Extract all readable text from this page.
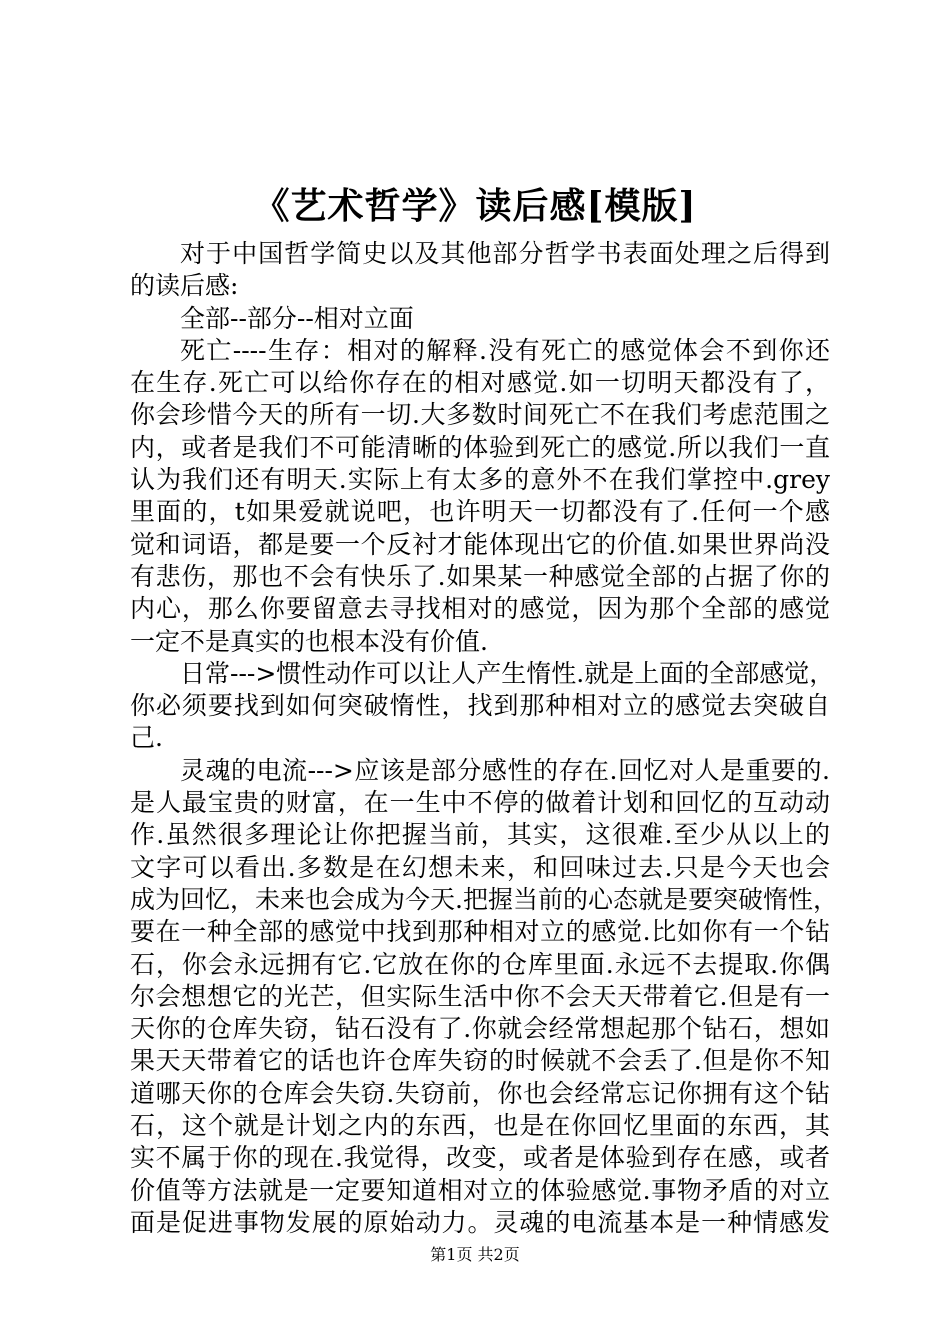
《艺术哲学》读后感[模版]
对于中国哲学简史以及其他部分哲学书表面处理之后得到
的读后感:
全部--部分--相对立面
死亡----生存：相对的解释.没有死亡的感觉体会不到你还
在生存.死亡可以给你存在的相对感觉.如一切明天都没有了，
你会珍惜今天的所有一切.大多数时间死亡不在我们考虑范围之
内，或者是我们不可能清晰的体验到死亡的感觉.所以我们一直
认为我们还有明天.实际上有太多的意外不在我们掌控中.grey
里面的，t如果爱就说吧，也许明天一切都没有了.任何一个感
觉和词语，都是要一个反衬才能体现出它的价值.如果世界尚没
有悲伤，那也不会有快乐了.如果某一种感觉全部的占据了你的
内心，那么你要留意去寻找相对的感觉，因为那个全部的感觉
一定不是真实的也根本没有价值.
日常--->惯性动作可以让人产生惰性.就是上面的全部感觉，
你必须要找到如何突破惰性，找到那种相对立的感觉去突破自
己.
灵魂的电流--->应该是部分感性的存在.回忆对人是重要的.
是人最宝贵的财富，在一生中不停的做着计划和回忆的互动动
作.虽然很多理论让你把握当前，其实，这很难.至少从以上的
文字可以看出.多数是在幻想未来，和回味过去.只是今天也会
成为回忆，未来也会成为今天.把握当前的心态就是要突破惰性，
要在一种全部的感觉中找到那种相对立的感觉.比如你有一个钻
石，你会永远拥有它.它放在你的仓库里面.永远不去提取.你偶
尔会想想它的光芒，但实际生活中你不会天天带着它.但是有一
天你的仓库失窃，钻石没有了.你就会经常想起那个钻石，想如
果天天带着它的话也许仓库失窃的时候就不会丢了.但是你不知
道哪天你的仓库会失窃.失窃前，你也会经常忘记你拥有这个钻
石，这个就是计划之内的东西，也是在你回忆里面的东西，其
实不属于你的现在.我觉得，改变，或者是体验到存在感，或者
价值等方法就是一定要知道相对立的体验感觉.事物矛盾的对立
面是促进事物发展的原始动力。灵魂的电流基本是一种情感发
第1页 共2页
